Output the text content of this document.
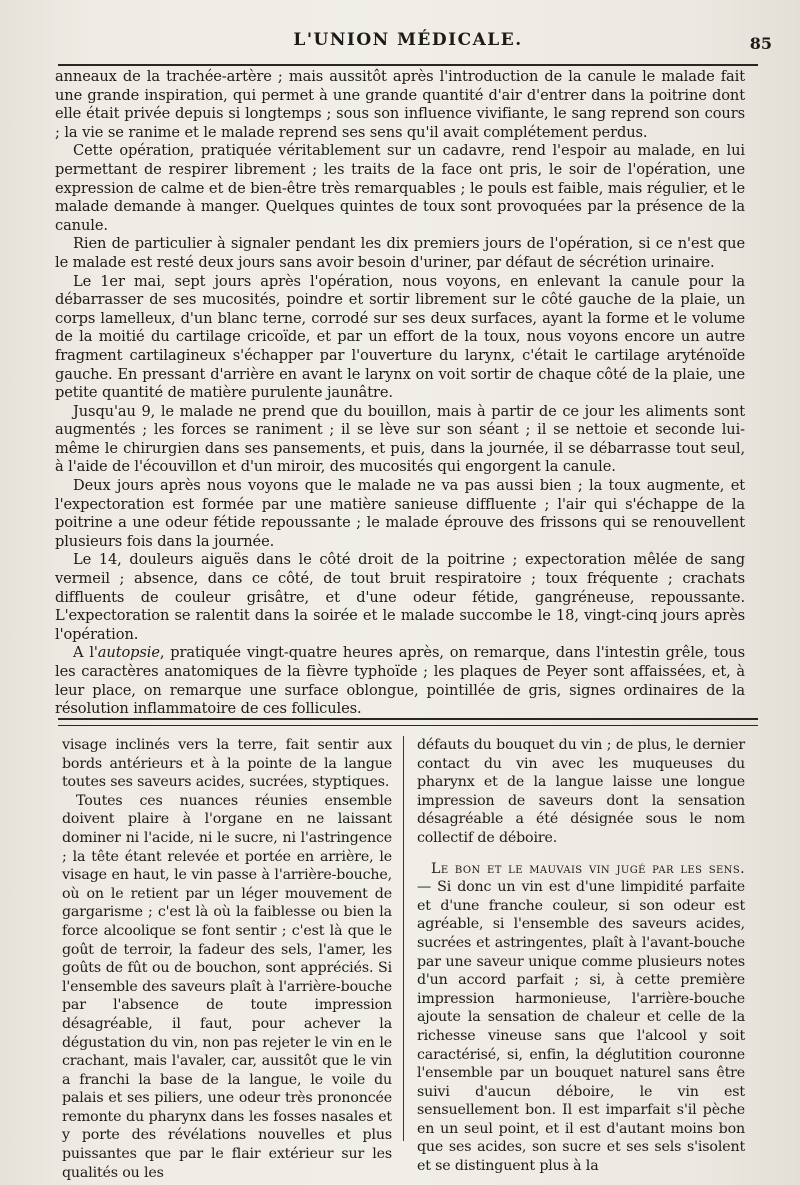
L'UNION MÉDICALE.	85

anneaux de la trachée-artère ; mais aussitôt après l'introduction de la canule le malade fait une grande inspiration, qui permet à une grande quantité d'air d'entrer dans la poitrine dont elle était privée depuis si longtemps ; sous son influence vivifiante, le sang reprend son cours ; la vie se ranime et le malade reprend ses sens qu'il avait complétement perdus.

Cette opération, pratiquée véritablement sur un cadavre, rend l'espoir au malade, en lui permettant de respirer librement ; les traits de la face ont pris, le soir de l'opération, une expression de calme et de bien-être très remarquables ; le pouls est faible, mais régulier, et le malade demande à manger. Quelques quintes de toux sont provoquées par la présence de la canule.

Rien de particulier à signaler pendant les dix premiers jours de l'opération, si ce n'est que le malade est resté deux jours sans avoir besoin d'uriner, par défaut de sécrétion urinaire.

Le 1er mai, sept jours après l'opération, nous voyons, en enlevant la canule pour la débarrasser de ses mucosités, poindre et sortir librement sur le côté gauche de la plaie, un corps lamelleux, d'un blanc terne, corrodé sur ses deux surfaces, ayant la forme et le volume de la moitié du cartilage cricoïde, et par un effort de la toux, nous voyons encore un autre fragment cartilagineux s'échapper par l'ouverture du larynx, c'était le cartilage aryténoïde gauche. En pressant d'arrière en avant le larynx on voit sortir de chaque côté de la plaie, une petite quantité de matière purulente jaunâtre.

Jusqu'au 9, le malade ne prend que du bouillon, mais à partir de ce jour les aliments sont augmentés ; les forces se raniment ; il se lève sur son séant ; il se nettoie et seconde lui-même le chirurgien dans ses pansements, et puis, dans la journée, il se débarrasse tout seul, à l'aide de l'écouvillon et d'un miroir, des mucosités qui engorgent la canule.

Deux jours après nous voyons que le malade ne va pas aussi bien ; la toux augmente, et l'expectoration est formée par une matière sanieuse diffluente ; l'air qui s'échappe de la poitrine a une odeur fétide repoussante ; le malade éprouve des frissons qui se renouvellent plusieurs fois dans la journée.

Le 14, douleurs aiguës dans le côté droit de la poitrine ; expectoration mêlée de sang vermeil ; absence, dans ce côté, de tout bruit respiratoire ; toux fréquente ; crachats diffluents de couleur grisâtre, et d'une odeur fétide, gangréneuse, repoussante. L'expectoration se ralentit dans la soirée et le malade succombe le 18, vingt-cinq jours après l'opération.

A l'autopsie, pratiquée vingt-quatre heures après, on remarque, dans l'intestin grêle, tous les caractères anatomiques de la fièvre typhoïde ; les plaques de Peyer sont affaissées, et, à leur place, on remarque une surface oblongue, pointillée de gris, signes ordinaires de la résolution inflammatoire de ces follicules.

visage inclinés vers la terre, fait sentir aux bords antérieurs et à la pointe de la langue toutes ses saveurs acides, sucrées, styptiques.

Toutes ces nuances réunies ensemble doivent plaire à l'organe en ne laissant dominer ni l'acide, ni le sucre, ni l'astringence ; la tête étant relevée et portée en arrière, le visage en haut, le vin passe à l'arrière-bouche, où on le retient par un léger mouvement de gargarisme ; c'est là où la faiblesse ou bien la force alcoolique se font sentir ; c'est là que le goût de terroir, la fadeur des sels, l'amer, les goûts de fût ou de bouchon, sont appréciés. Si l'ensemble des saveurs plaît à l'arrière-bouche par l'absence de toute impression désagréable, il faut, pour achever la dégustation du vin, non pas rejeter le vin en le crachant, mais l'avaler, car, aussitôt que le vin a franchi la base de la langue, le voile du palais et ses piliers, une odeur très prononcée remonte du pharynx dans les fosses nasales et y porte des révélations nouvelles et plus puissantes que par le flair extérieur sur les qualités ou les

défauts du bouquet du vin ; de plus, le dernier contact du vin avec les muqueuses du pharynx et de la langue laisse une longue impression de saveurs dont la sensation désagréable a été désignée sous le nom collectif de déboire.

Le bon et le mauvais vin jugé par les sens. — Si donc un vin est d'une limpidité parfaite et d'une franche couleur, si son odeur est agréable, si l'ensemble des saveurs acides, sucrées et astringentes, plaît à l'avant-bouche par une saveur unique comme plusieurs notes d'un accord parfait ; si, à cette première impression harmonieuse, l'arrière-bouche ajoute la sensation de chaleur et celle de la richesse vineuse sans que l'alcool y soit caractérisé, si, enfin, la déglutition couronne l'ensemble par un bouquet naturel sans être suivi d'aucun déboire, le vin est sensuellement bon. Il est imparfait s'il pèche en un seul point, et il est d'autant moins bon que ses acides, son sucre et ses sels s'isolent et se distinguent plus à la
